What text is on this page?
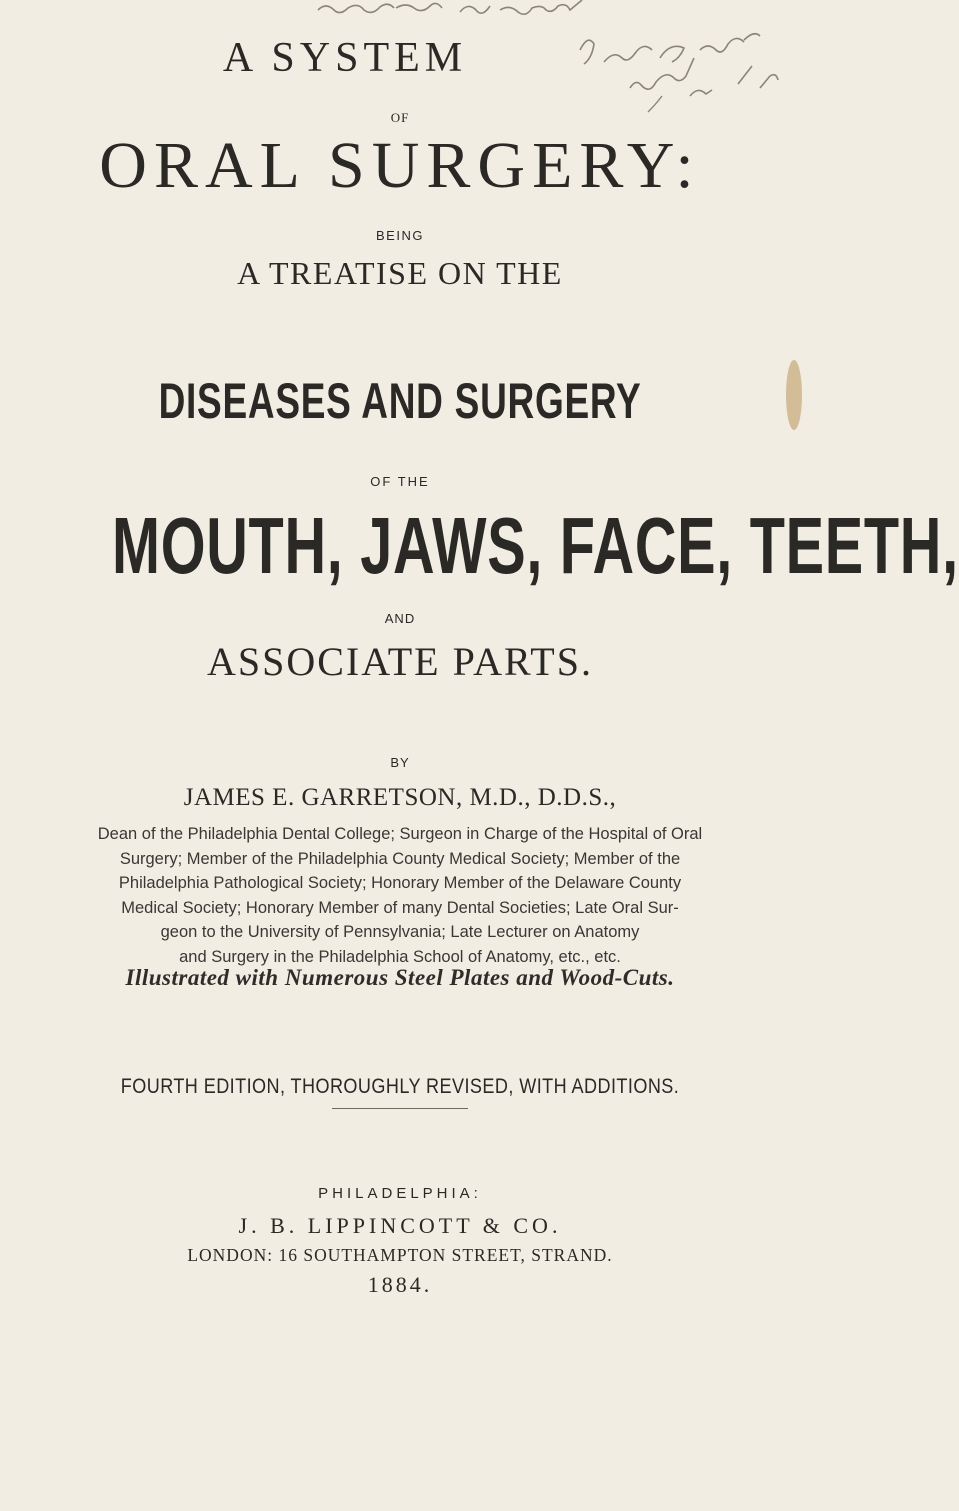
A SYSTEM
OF
ORAL SURGERY:
BEING
A TREATISE ON THE
DISEASES AND SURGERY
OF THE
MOUTH, JAWS, FACE, TEETH,
AND
ASSOCIATE PARTS.
BY
JAMES E. GARRETSON, M.D., D.D.S.,
Dean of the Philadelphia Dental College; Surgeon in Charge of the Hospital of Oral
Surgery; Member of the Philadelphia County Medical Society; Member of the
Philadelphia Pathological Society; Honorary Member of the Delaware County
Medical Society; Honorary Member of many Dental Societies; Late Oral Sur-
geon to the University of Pennsylvania; Late Lecturer on Anatomy
and Surgery in the Philadelphia School of Anatomy, etc., etc.
Illustrated with Numerous Steel Plates and Wood-Cuts.
FOURTH EDITION, THOROUGHLY REVISED, WITH ADDITIONS.
PHILADELPHIA:
J. B. LIPPINCOTT & CO.
LONDON: 16 SOUTHAMPTON STREET, STRAND.
1884.
